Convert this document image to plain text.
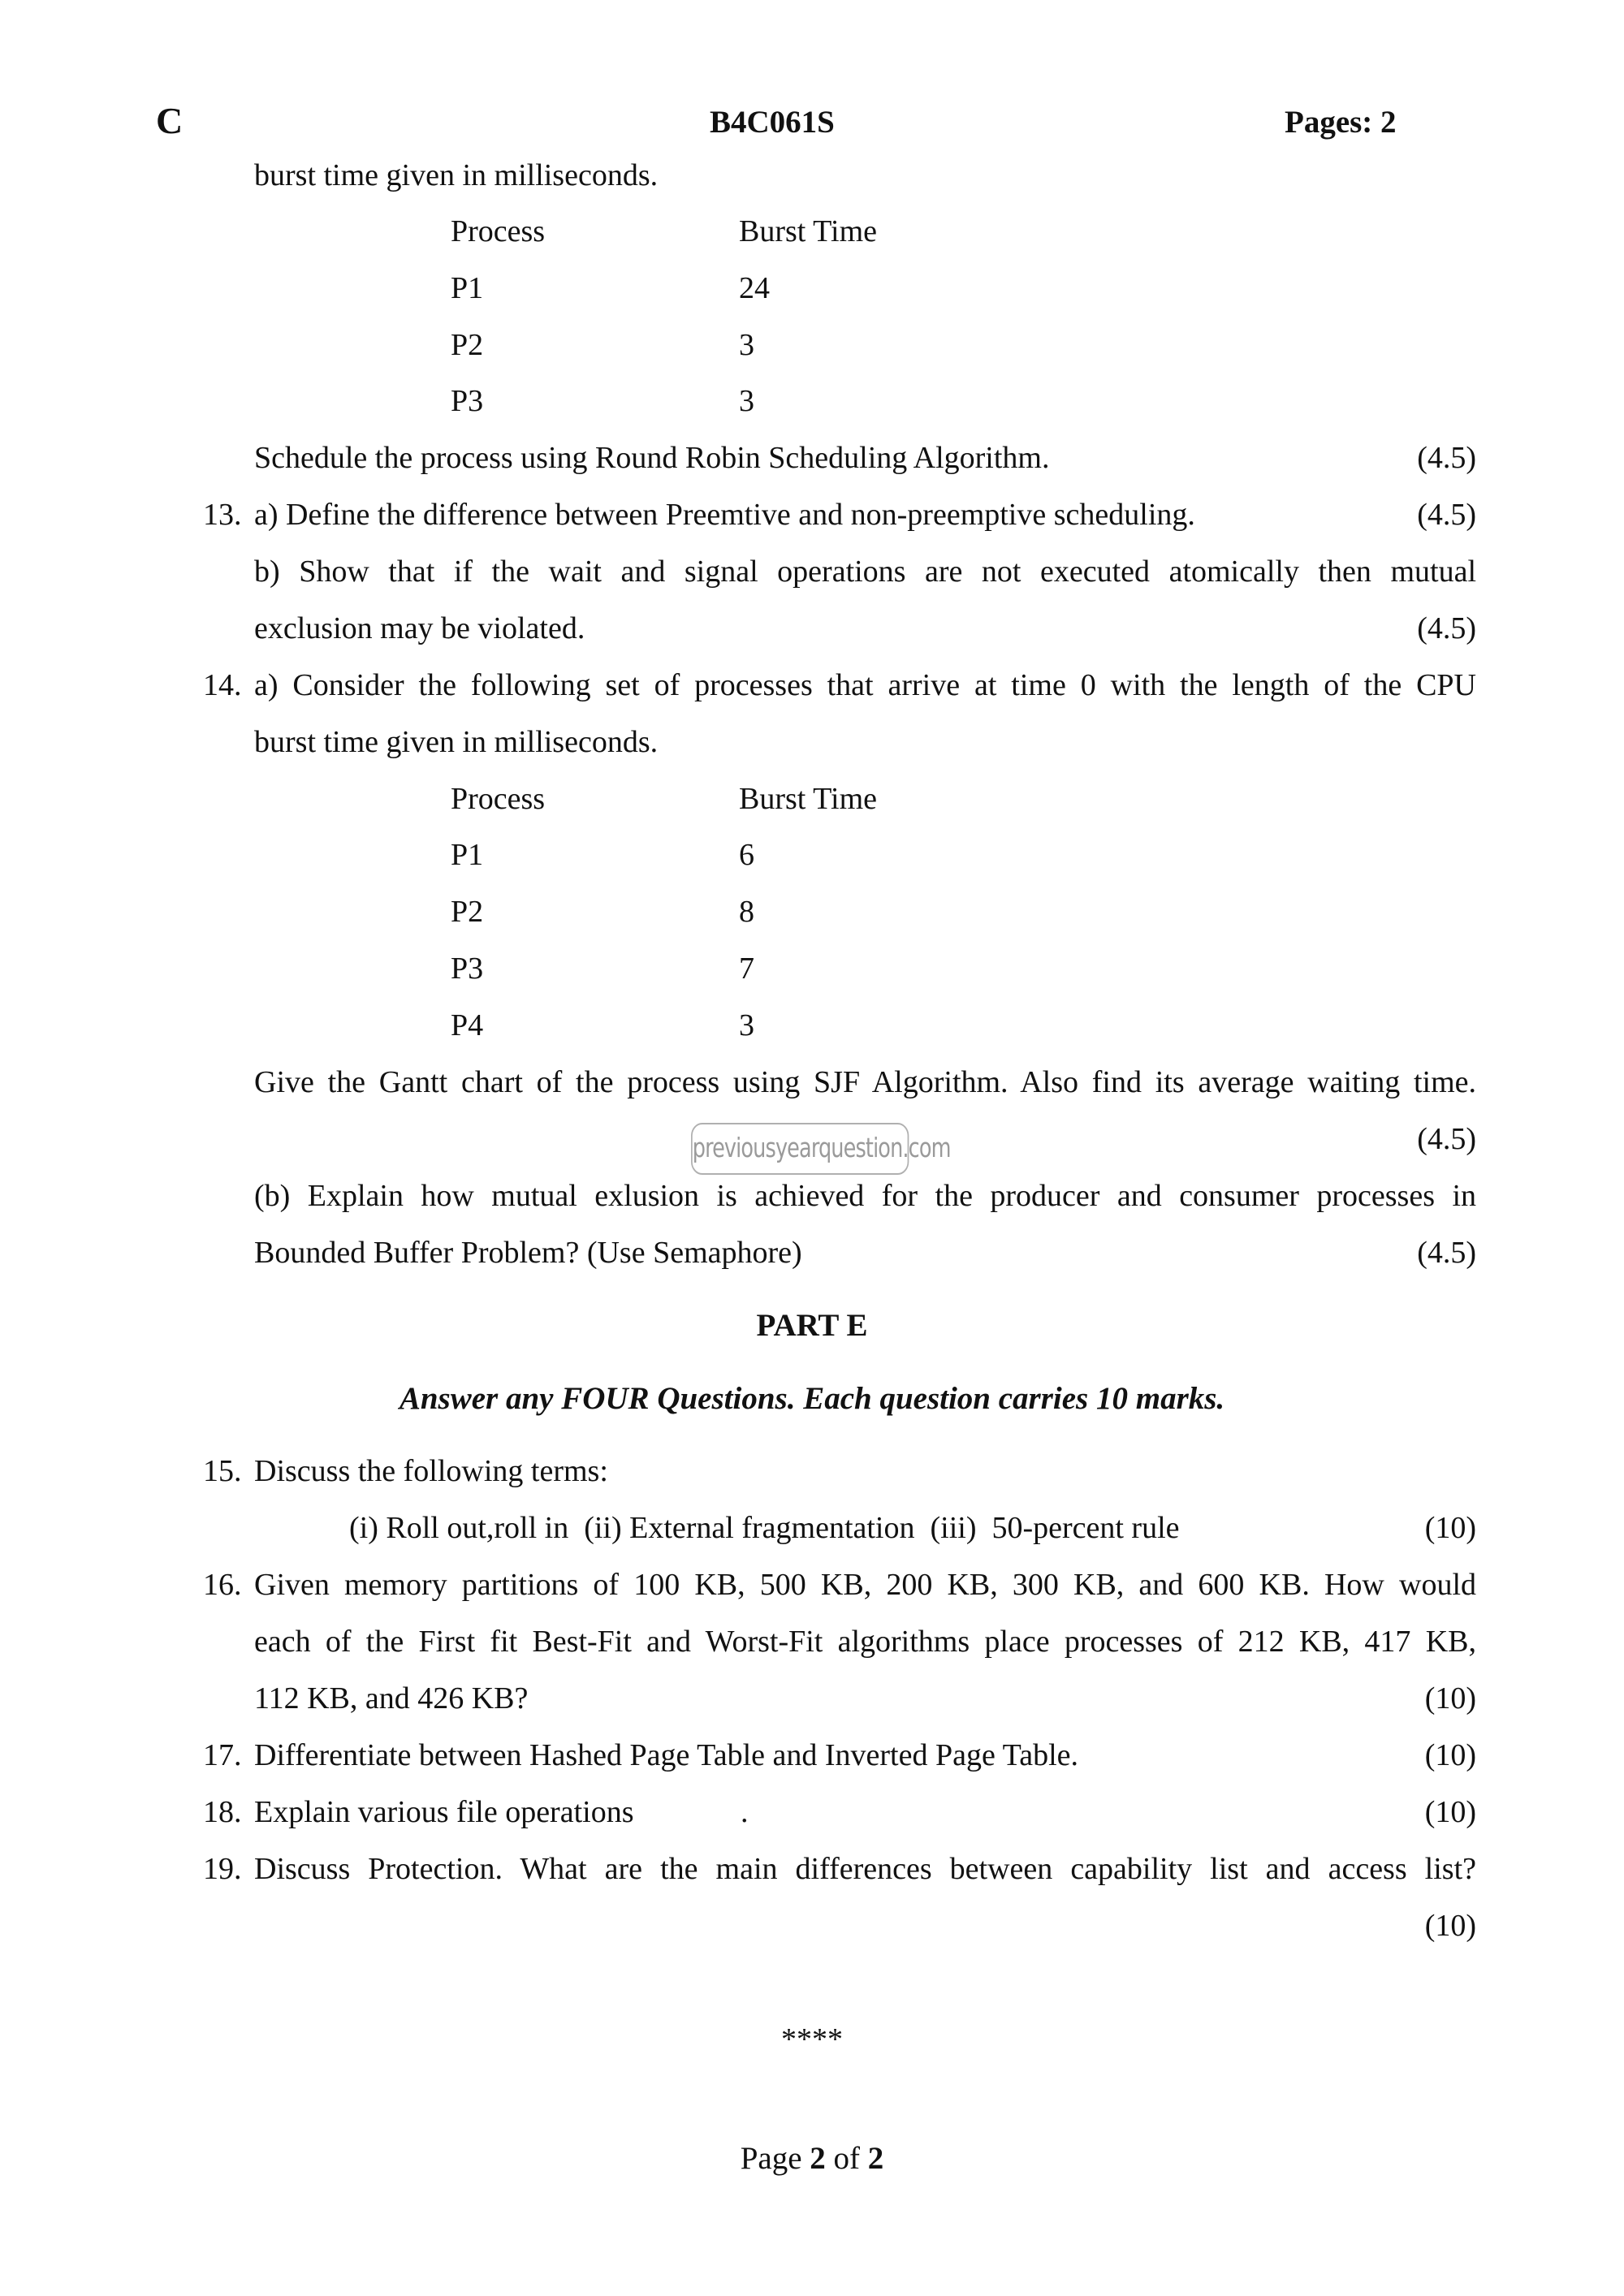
C	B4C061S	Pages: 2
burst time given in milliseconds.
Process	Burst Time
P1	24
P2	3
P3	3
Schedule the process using Round Robin Scheduling Algorithm.	(4.5)
13. a) Define the difference between Preemtive and non-preemptive scheduling.	(4.5)
b) Show that if the wait and signal operations are not executed atomically then mutual
exclusion may be violated.	(4.5)
14. a) Consider the following set of processes that arrive at time 0 with the length of the CPU
burst time given in milliseconds.
Process	Burst Time
P1	6
P2	8
P3	7
P4	3
Give the Gantt chart of the process using SJF Algorithm. Also find its average waiting time.
previousyearquestion.com	(4.5)
(b) Explain how mutual exlusion is achieved for the producer and consumer processes in
Bounded Buffer Problem? (Use Semaphore)	(4.5)
PART E
Answer any FOUR Questions. Each question carries 10 marks.
15. Discuss the following terms:
(i) Roll out,roll in  (ii) External fragmentation  (iii)  50-percent rule	(10)
16. Given memory partitions of 100 KB, 500 KB, 200 KB, 300 KB, and 600 KB. How would
each of the First fit Best-Fit and Worst-Fit algorithms place processes of 212 KB, 417 KB,
112 KB, and 426 KB?	(10)
17. Differentiate between Hashed Page Table and Inverted Page Table.	(10)
18. Explain various file operations	.	(10)
19. Discuss Protection. What are the main differences between capability list and access list?
(10)
****
Page 2 of 2
